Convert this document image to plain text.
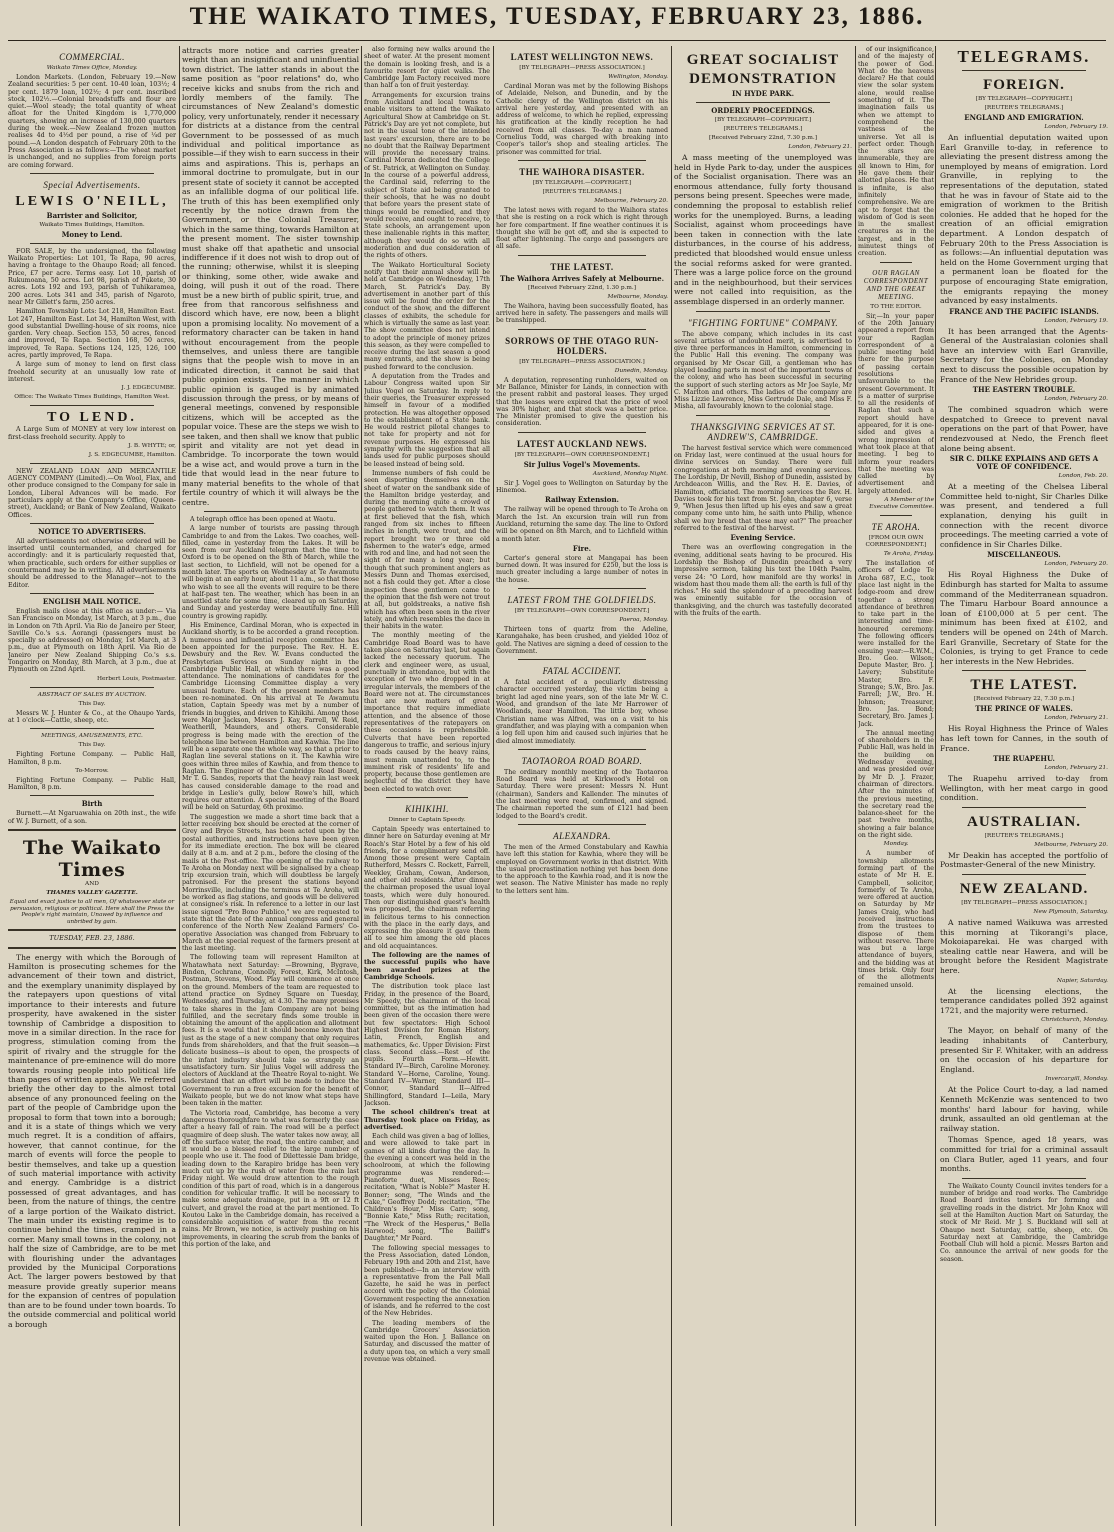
THE WAIKATO TIMES, TUESDAY, FEBRUARY 23, 1886.
COMMERCIAL.
Waikato Times Office, Monday.

London Markets. (London, February 19.—New Zealand securities: 5 per cent. 10-40 loan, 103½; 4 per cent. 1879 loan, 102½; 4 per cent. inscribed stock, 102½.—Colonial breadstuffs and flour are quiet.—Wool steady; the total quantity of wheat afloat for the United Kingdom is 1,770,000 quarters, showing an increase of 130,000 quarters during the week.—New Zealand frozen mutton realises 4d to 4½d per pound, a rise of ¼d per pound.—A London despatch of February 20th to the Press Association is as follows:—The wheat market is unchanged, and no supplies from foreign ports are coming forward.

Special Advertisements.
LEWIS O'NEILL,
Barrister and Solicitor,
Waikato Times Buildings, Hamilton.
Money to Lend.

FOR SALE, by the undersigned, the following Waikato Properties: Lot 101, Te Rapa, 90 acres, having a frontage to the Ohaupo Road; all fenced. Price, £7 per acre. Terms easy. Lot 10, parish of Rukumoana, 50 acres. Lot 98, parish of Pukete, 30 acres. Lots 192 and 193, parish of Tuhikaramea, 200 acres. Lots 341 and 345, parish of Ngaroto, near Mr Gillett's farm, 250 acres.

Hamilton Township Lots: Lot 218, Hamilton East. Lot 247, Hamilton East. Lot 34, Hamilton West, with good substantial Dwelling-house of six rooms, nice garden. Very cheap. Section 153, 50 acres, fenced and improved, Te Rapa. Section 168, 50 acres, improved, Te Rapa. Sections 124, 125, 126, 100 acres, partly improved, Te Rapa.

A large sum of money to lend on first class freehold security at an unusually low rate of interest.

J. J. EDGECUMBE.
Office: The Waikato Times Buildings, Hamilton West.
TO LEND.

A Large Sum of MONEY at very low interest on first-class freehold security. Apply to

J. B. WHYTE; or,
J. S. EDGECUMBE, Hamilton.

NEW ZEALAND LOAN AND MERCANTILE AGENCY COMPANY (Limited).—On Wool, Flax, and other produce consigned to the Company for sale in London, Liberal Advances will be made. For particulars apply at the Company's Office, (Queen-street), Auckland; or Bank of New Zealand, Waikato Offices.

NOTICE TO ADVERTISERS.

All advertisements not otherwise ordered will be inserted until countermanded, and charged for accordingly: and it is particularly requested that, when practicable, such orders for either supplies or countermand may be in writing. All advertisements should be addressed to the Manager—not to the Editor.

ENGLISH MAIL NOTICE.

English mails close at this office as under:— Via San Francisco on Monday, 1st March, at 3 p.m., due in London on 7th April. Via Rio de Janeiro per Steer, Saville Co.'s s.s. Aorangi (passengers must be specially so addressed) on Monday, 1st March, at 3 p.m., due at Plymouth on 18th April. Via Rio de Janeiro per New Zealand Shipping Co.'s s.s. Tongariro on Monday, 8th March, at 3 p.m., due at Plymouth on 22nd April.

Herbert Louis, Postmaster.
ABSTRACT OF SALES BY AUCTION.
This Day.

Messrs W. J. Hunter & Co., at the Ohaupo Yards, at 1 o'clock—Cattle, sheep, etc.

MEETINGS, AMUSEMENTS, ETC.
This Day.

Fighting Fortune Company. — Public Hall, Hamilton, 8 p.m.

To-Morrow.

Fighting Fortune Company. — Public Hall, Hamilton, 8 p.m.

Birth

Burnett.—At Ngaruawahia on 20th inst., the wife of W. J. Burnett, of a son.

The Waikato Times
AND
THAMES VALLEY GAZETTE.
Equal and exact justice to all men, Of whatsoever state or persuasion, religious or political. Here shall the Press the People's right maintain, Unawed by influence and unbribed by gain.
TUESDAY, FEB. 23, 1886.

The energy with which the Borough of Hamilton is prosecuting schemes for the advancement of their town and district, and the exemplary unanimity displayed by the ratepayers upon questions of vital importance to their interests and future prosperity, have awakened in the sister township of Cambridge a disposition to move in a similar direction. In the race for progress, stimulation coming from the spirit of rivalry and the struggle for the maintenance of pre-eminence will do more towards rousing people into political life than pages of written appeals. We referred briefly the other day to the almost total absence of any pronounced feeling on the part of the people of Cambridge upon the proposal to form that town into a borough; and it is a state of things which we very much regret. It is a condition of affairs, however, that cannot continue, for the march of events will force the people to bestir themselves, and take up a question of such material importance with activity and energy. Cambridge is a district possessed of great advantages, and has been, from the nature of things, the centre of a large portion of the Waikato district. The main under its existing regime is to continue behind the times, cramped in a corner. Many small towns in the colony, not half the size of Cambridge, are to be met with flourishing under the advantages provided by the Municipal Corporations Act. The larger powers bestowed by that measure provide greatly superior means for the expansion of centres of population than are to be found under town boards. To the outside commercial and political world a borough

attracts more notice and carries greater weight than an insignificant and uninfluential town district. The latter stands in about the same position as "poor relations" do, who receive kicks and snubs from the rich and lordly members of the family. The circumstances of New Zealand's domestic policy, very unfortunately, render it necessary for districts at a distance from the central Government to be possessed of as much individual and political importance as possible—if they wish to earn success in their aims and aspirations. This is, perhaps an immoral doctrine to promulgate, but in our present state of society it cannot be accepted as an infallible dogma of our political life. The truth of this has been exemplified only recently by the notice drawn from the Government, or the Colonial Treasurer, which in the same thing, towards Hamilton at the present moment. The sister township must shake off that apathetic and unsocial indifference if it does not wish to drop out of the running; otherwise, whilst it is sleeping or thinking, some other, wide awake and doing, will push it out of the road. There must be a new birth of public spirit, true, and free from that rancorous selfishness and discord which have, ere now, been a blight upon a promising locality. No movement of a reformatory character can be taken in hand without encouragement from the people themselves, and unless there are tangible signs that the people wish to move in an indicated direction, it cannot be said that public opinion exists. The manner in which public opinion is gauged is by animated discussion through the press, or by means of general meetings, convened by responsible citizens, which will be accepted as the popular voice. These are the steps we wish to see taken, and then shall we know that public spirit and vitality are not yet dead in Cambridge. To incorporate the town would be a wise act, and would prove a turn in the tide that would lead in the near future to many material benefits to the whole of that fertile country of which it will always be the centre.

A telegraph office has been opened at Waotu.

A large number of tourists are passing through Cambridge to and from the Lakes. Two coaches, well-filled, came in yesterday from the Lakes. It will be seen from our Auckland telegram that the time to Oxford is to be opened on the 8th of March, while the last section, to Lichfield, will not be opened for a month later. The sports on Wednesday at Te Awamutu will begin at an early hour, about 11 a.m., so that those who wish to see all the events will require to be there at half-past ten. The weather, which has been in an unsettled state for some time, cleared up on Saturday, and Sunday and yesterday were beautifully fine. Hill country is growing rapidly.

His Eminence, Cardinal Moran, who is expected in Auckland shortly, is to be accorded a grand reception. A numerous and influential reception committee has been appointed for the purpose. The Rev. H. E. Dewsbury and the Rev. W. Evans conducted the Presbyterian Services on Sunday night in the Cambridge Public Hall, at which there was a good attendance. The nominations of candidates for the Cambridge Licensing Committee display a very unusual feature. Each of the present members has been re-nominated. On his arrival at Te Awamutu station, Captain Speedy was met by a number of friends in buggies, and driven to Kihikihi. Among those were Major Jackson, Messrs J. Kay, Farrell, W. Reid, Weatherill, Maunders, and others. Considerable progress is being made with the erection of the telephone line between Hamilton and Kawhia. The line will be a separate one the whole way, so that a prior to Raglan line several stations on it. The Kawhia wire goes within three miles of Kawhia, and from thence to Raglan. The Engineer of the Cambridge Road Board, Mr T. G. Sandes, reports that the heavy rain last week has caused considerable damage to the road and bridge in Leslie's gully, below Rowe's hill, which requires our attention. A special meeting of the Board will be held on Saturday, 6th proximo.

The suggestion we made a short time back that a letter receiving box should be erected at the corner of Grey and Bryce Streets, has been acted upon by the postal authorities, and instructions have been given for its immediate erection. The box will be cleared daily at 8 a.m. and at 2 p.m., before the closing of the mails at the Post-office. The opening of the railway to Te Aroha on Monday next will be signalised by a cheap trip excursion train, which will doubtless be largely patronised. For the present the stations beyond Morrinsville, including the terminus at Te Aroha, will be worked as flag stations, and goods will be delivered at consignee's risk. In reference to a letter in our last issue signed "Pro Bono Publico," we are requested to state that the date of the annual congress and general conference of the North New Zealand Farmers' Co-operative Association was changed from February to March at the special request of the farmers present at the last meeting.

The following team will represent Hamilton at Whatawhata next Saturday: —Browning, Bygrave, Binden, Cochrane, Connolly, Forest, Kirk, McIntosh, Postman, Stevens, Wood. Play will commence at once on the ground. Members of the team are requested to attend practice on Sydney Square on Tuesday, Wednesday, and Thursday, at 4.30. The many promises to take shares in the Jam Company are not being fulfilled, and the secretary finds some trouble in obtaining the amount of the application and allotment fees. It is a woeful that it should become known that just as the stage of a new company that only requires funds from shareholders, and that the fruit season—a delicate business—is about to open, the prospects of the infant industry should take so strangely an unsatisfactory turn. Sir Julius Vogel will address the electors of Auckland at the Theatre Royal to-night. We understand that an effort will be made to induce the Government to run a free excursion for the benefit of Waikato people, but we do not know what steps have been taken in the matter.

The Victoria road, Cambridge, has become a very dangerous thoroughfare to what was formerly the case after a heavy fall of rain. The road will be a perfect quagmire of deep slush. The water takes now away, all off the surface water, the road, the entire camber, and it would be a blessed relief to the large number of people who use it. The food of Dilettessie Dam bridge, leading down to the Karapiro bridge has been very much cut up by the rush of water from the rain last Friday night. We would draw attention to the rough condition of this part of road, which is in a dangerous condition for vehicular traffic. It will be necessary to make some adequate drainage, put in a 9ft or 12 ft culvert, and gravel the road at the part mentioned. To Koutou Lake in the Cambridge domain, has received a considerable acquisition of water from the recent rains. Mr Brown, we notice, is actively pushing on his improvements, in clearing the scrub from the banks of this portion of the lake, and

also forming new walks around the sheet of water. At the present moment the domain is looking fresh, and is a favourite resort for quiet walks. The Cambridge Jam Factory received more than half a ton of fruit yesterday.

Arrangements for excursion trains from Auckland and local towns to enable visitors to attend the Waikato Agricultural Show at Cambridge on St. Patrick's Day are yet not complete, but not in the usual tone of the intended last years' excursion, there are to be no doubt that the Railway Department will provide the necessary trains. Cardinal Moran dedicated the College of St. Patrick, at Wellington on Sunday. In the course of a powerful address, the Cardinal said, referring to the subject of State aid being granted to their schools, that he was no doubt that before years the present state of things would be remedied, and they would receive, and ought to receive, to State schools, an arrangement upon these inalienable rights in this matter, although they would do so with all moderation and due consideration of the rights of others.

The Waikato Horticultural Society notify that their annual show will be held at Cambridge on Wednesday, 17th March, St. Patrick's Day. By advertisement in another part of this issue will be found the order for the conduct of the show, and the different classes of exhibits, the schedule for which is virtually the same as last year. The show committee does not intend to adopt the principle of money prizes this season, as they were compelled to receive during the last season a good many entrants, and the show is being pushed forward to the conclusion.

A deputation from the Trades and Labour Congress waited upon Sir Julius Vogel on Saturday. In reply to their queries, the Treasurer expressed himself in favour of a modified protection. He was altogether opposed to the establishment of a State bank. He would restrict pilotal changes to not take for property and not for revenue purposes. He expressed his sympathy with the suggestion that all lands used for public purposes should be leased instead of being sold.

Immense numbers of fish could be seen disporting themselves on the sheet of water on the sandbank side of the Hamilton bridge yesterday, and during the morning quite a crowd of people gathered to watch them. It was at first believed that the fish, which ranged from six inches to fifteen inches in length, were trout, and the report brought two or three old fishermen to the water's edge, armed with rod and line, and had not seen the sight of for many a long year; but though that such prominent anglers as Messrs Dunn and Thomas exercised, not a fish could they get. After a close inspection these gentlemen came to the opinion that the fish were not trout at all, but goldstreaks, a native fish which has often been seen in the river lately, and which resembles the dace in their habits in the water.

The monthly meeting of the Cambridge Road Board was to have taken place on Saturday last, but again lacked the necessary quorum. The clerk and engineer were, as usual, punctually in attendance, but with the exception of two who dropped in at irregular intervals, the members of the Board were not at. The circumstances that are now matters of great importance that require immediate attention, and the absence of those representatives of the ratepayers on these occasions is reprehensible. Culverts that have been reported dangerous to traffic, and serious injury to roads caused by the heavy rains, must remain unattended to, to the imminent risk of residents' life and property, because those gentlemen are neglectful of the district they have been elected to watch over.

KIHIKIHI.
Dinner to Captain Speedy.

Captain Speedy was entertained to dinner here on Saturday evening at Mr Roach's Star Hotel by a few of his old friends, for a complimentary send off. Among those present were Captain Rutherford, Messrs C. Rockett, Farrell, Weekley, Graham, Cowan, Anderson, and other old residents. After dinner the chairman proposed the usual loyal toasts, which were duly honoured. Then our distinguished guest's health was proposed, the chairman referring in felicitous terms to his connection with the place in the early days, and expressing the pleasure it gave them all to see him among the old places and old acquaintances.

The following are the names of the successful pupils who have been awarded prizes at the Cambridge Schools.

The distribution took place last Friday, in the presence of the Board, Mr Speedy, the chairman of the local committee, but as the intimation had been given of the occasion there were but few spectators: High School Highest Division for Roman History, Latin, French, English and mathematics, &c. Upper Division: First class. Second class.—Rest of the pupils. Fourth Form.—Hewitt. Standard IV—Birch, Caroline Moroney. Standard V—Horne, Caroline, Young. Standard IV—Warner, Standard III—Connor, Standard II—Alfred Shillingford, Standard I—Leila, Mary Jackson.

The school children's treat at Thursday took place on Friday, as advertised.

Each child was given a bag of lollies, and were allowed to take part in games of all kinds during the day. In the evening a concert was held in the schoolroom, at which the following programme was rendered:— Pianoforte duet, Misses Rees; recitation, "What is Noble?" Master H. Bonner; song, "The Winds and the Cake," Geoffrey Dodd; recitation, "The Children's Hour," Miss Carr; song, "Bonnie Kate," Miss Ruth; recitation, "The Wreck of the Hesperus," Bella Harwood; song, "The Bailiff's Daughter," Mr Peard.

The following special messages to the Press Association, dated London, February 19th and 20th and 21st, have been published:—In an interview with a representative from the Pall Mall Gazette, he said he was in perfect accord with the policy of the Colonial Government respecting the annexation of islands, and he referred to the cost of the New Hebrides.

The leading members of the Cambridge Grocers' Association waited upon the Hon. J. Ballance on Saturday, and discussed the matter of a duty upon tea, on which a very small revenue was obtained.

LATEST WELLINGTON NEWS.
[BY TELEGRAPH—PRESS ASSOCIATION.]
Wellington, Monday.

Cardinal Moran was met by the following Bishops of Adelaide, Nelson, and Dunedin, and by the Catholic clergy of the Wellington district on his arrival here yesterday, and presented with an address of welcome, to which he replied, expressing his gratification at the kindly reception he had received from all classes. To-day a man named Cornelius Todd, was charged with breaking into Cooper's tailor's shop and stealing articles. The prisoner was committed for trial.

THE WAIHORA DISASTER.
[BY TELEGRAPH.—COPYRIGHT.]
[REUTER'S TELEGRAMS.]
Melbourne, February 20.

The latest news with regard to the Waihora states that she is resting on a rock which is right through her fore compartment. If fine weather continues it is thought she will be got off, and she is expected to float after lightening. The cargo and passengers are all safe.

THE LATEST.
The Waihora Arrives Safely at Melbourne.
[Received February 22nd, 1.30 p.m.]
Melbourne, Monday.

The Waihora, having been successfully floated, has arrived here in safety. The passengers and mails will be transhipped.

SORROWS OF THE OTAGO RUN-HOLDERS.
[BY TELEGRAPH—PRESS ASSOCIATION.]
Dunedin, Monday.

A deputation, representing runholders, waited on Mr Ballance, Minister for Lands, in connection with the present rabbit and pastoral leases. They urged that the leases were expired that the price of wool was 30% higher, and that stock was a better price. The Minister promised to give the question his consideration.

LATEST AUCKLAND NEWS.
[BY TELEGRAPH—OWN CORRESPONDENT.]
Sir Julius Vogel's Movements.
Auckland, Monday Night.

Sir J. Vogel goes to Wellington on Saturday by the Hinemoa.

Railway Extension.

The railway will be opened through to Te Aroha on March the 1st. An excursion train will run from Auckland, returning the same day. The line to Oxford will be opened on 8th March, and to Lichfield within a month later.

Fire.

Carter's general store at Mangapai has been burned down. It was insured for £250, but the loss is much greater including a large number of notes in the house.

LATEST FROM THE GOLDFIELDS.
[BY TELEGRAPH—OWN CORRESPONDENT.]
Paeroa, Monday.

Thirteen tons of quartz from the Adeline, Karangahake, has been crushed, and yielded 10oz of gold. The Natives are signing a deed of cession to the Government.

FATAL ACCIDENT.

A fatal accident of a peculiarly distressing character occurred yesterday, the victim being a bright lad aged nine years, son of the late Mr W. C. Wood, and grandson of the late Mr Harrower of Woodlands, near Hamilton. The little boy, whose Christian name was Alfred, was on a visit to his grandfather, and was playing with a companion when a log fell upon him and caused such injuries that he died almost immediately.

TAOTAOROA ROAD BOARD.

The ordinary monthly meeting of the Taotaoroa Road Board was held at Kirkwood's Hotel on Saturday. There were present: Messrs N. Hunt (chairman), Sanders and Kallender. The minutes of the last meeting were read, confirmed, and signed. The chairman reported the sum of £121 had been lodged to the Board's credit.

ALEXANDRA.

The men of the Armed Constabulary and Kawhia have left this station for Kawhia, where they will be employed on Government works in that district. With the usual procrastination nothing yet has been done to the approach to the Kawhia road, and it is now the wet season. The Native Minister has made no reply to the letters sent him.

GREAT SOCIALIST
DEMONSTRATION
IN HYDE PARK.
ORDERLY PROCEEDINGS.
[BY TELEGRAPH—COPYRIGHT.]
[REUTER'S TELEGRAMS.]
[Received February 22nd, 7.30 p.m.]
London, February 21.

A mass meeting of the unemployed was held in Hyde Park to-day, under the auspices of the Socialist organisation. There was an enormous attendance, fully forty thousand persons being present. Speeches were made, condemning the proposal to establish relief works for the unemployed. Burns, a leading Socialist, against whom proceedings have been taken in connection with the late disturbances, in the course of his address, predicted that bloodshed would ensue unless the social reforms asked for were granted. There was a large police force on the ground and in the neighbourhood, but their services were not called into requisition, as the assemblage dispersed in an orderly manner.

"FIGHTING FORTUNE" COMPANY.

The above company, which includes in its cast several artistes of undoubted merit, is advertised to give three performances in Hamilton, commencing in the Public Hall this evening. The company was organised by Mr Oscar Gill, a gentleman who has played leading parts in most of the important towns of the colony, and who has been successful in securing the support of such sterling actors as Mr Joe Sayle, Mr C. Marlton and others. The ladies of the company are Miss Lizzie Lawrence, Miss Gertrude Dale, and Miss F. Misha, all favourably known to the colonial stage.

THANKSGIVING SERVICES AT ST. ANDREW'S, CAMBRIDGE.

The harvest festival service which were commenced on Friday last, were continued at the usual hours for divine services on Sunday. There were full congregations at both morning and evening services. The Lordship, Dr Nevill, Bishop of Dunedin, assisted by Archdeacon Willis, and the Rev. H. E. Davies, of Hamilton, officiated. The morning services the Rev. H. Davies took for his text from St. John, chapter 6, verse 9, "When Jesus then lifted up his eyes and saw a great company come unto him, he saith unto Philip, whence shall we buy bread that these may eat?" The preacher referred to the festival of the harvest.

Evening Service.

There was an overflowing congregation in the evening, additional seats having to be procured. His Lordship the Bishop of Dunedin preached a very impressive sermon, taking his text the 104th Psalm, verse 24: "O Lord, how manifold are thy works! in wisdom hast thou made them all: the earth is full of thy riches." He said the splendour of a preceding harvest was eminently suitable for the occasion of thanksgiving, and the church was tastefully decorated with the fruits of the earth.

of our insignificance, and of the majesty of the power of God. What do the heavens declare? He that could view the solar system alone, would realise something of it. The imagination fails us when we attempt to comprehend the vastness of the universe. Yet all is perfect order. Though the stars are innumerable, they are all known to Him, for He gave them their allotted places. He that is infinite, is also infinitely comprehensive. We are apt to forget that the wisdom of God is seen in the smallest creatures as in the largest, and in the minutest things of creation.

OUR RAGLAN CORRESPONDENT AND THE GREAT MEETING.
TO THE EDITOR.

Sir,—In your paper of the 20th January appeared a report from your Raglan correspondent of a public meeting held there for the purpose of passing certain resolutions unfavourable to the present Government. It is a matter of surprise to all the residents of Raglan that such a report should have appeared, for it is one-sided and gives a wrong impression of what took place at that meeting. I beg to inform your readers that the meeting was called by advertisement and largely attended.

A Member of the Executive Committee.
TE AROHA.
[FROM OUR OWN CORRESPONDENT.]
Te Aroha, Friday.

The installation of officers of Lodge Te Aroha 687, E.C., took place last night in the lodge-room and drew together a strong attendance of brethren to take part in the interesting and time-honoured ceremony. The following officers were installed for the ensuing year:—R.W.M., Bro. Geo. Wilson; Depute Master, Bro. J. Lavery; Substitute Master, Bro. F. Strange; S.W., Bro. Jas. Farrell; J.W., Bro. H. Johnson; Treasurer, Bro. Jas. Bond; Secretary, Bro. James J. Jack.

The annual meeting of shareholders in the Public Hall, was held in the building on Wednesday evening, and was presided over by Mr D. J. Frazer, chairman of directors. After the minutes of the previous meeting, the secretary read the balance-sheet for the past twelve months, showing a fair balance on the right side.

Monday.

A number of township allotments forming part of the estate of Mr H. E. Campbell, solicitor, formerly of Te Aroha, were offered at auction on Saturday by Mr James Craig, who had received instructions from the trustees to dispose of them without reserve. There was but a large attendance of buyers, and the bidding was at times brisk. Only four of the allotments remained unsold.

TELEGRAMS.
FOREIGN.
[BY TELEGRAPH—COPYRIGHT.]
[REUTER'S TELEGRAMS.]
ENGLAND AND EMIGRATION.
London, February 19.

An influential deputation waited upon Earl Granville to-day, in reference to alleviating the present distress among the unemployed by means of emigration. Lord Granville, in replying to the representations of the deputation, stated that he was in favour of State aid to the emigration of workmen to the British colonies. He added that he hoped for the creation of an official emigration department. A London despatch of February 20th to the Press Association is as follows:—An influential deputation was held on the Home Government urging that a permanent loan be floated for the purpose of encouraging State emigration, the emigrants repaying the money advanced by easy instalments.

FRANCE AND THE PACIFIC ISLANDS.
London, February 19.

It has been arranged that the Agents-General of the Australasian colonies shall have an interview with Earl Granville, Secretary for the Colonies, on Monday next to discuss the possible occupation by France of the New Hebrides group.

THE EASTERN TROUBLE.
London, February 20.

The combined squadron which were despatched to Greece to prevent naval operations on the part of that Power, have rendezvoused at Nedo, the French fleet alone being absent.

SIR C. DILKE EXPLAINS AND GETS A VOTE OF CONFIDENCE.
London, Feb. 20.

At a meeting of the Chelsea Liberal Committee held to-night, Sir Charles Dilke was present, and tendered a full explanation, denying his guilt in connection with the recent divorce proceedings. The meeting carried a vote of confidence in Sir Charles Dilke.

MISCELLANEOUS.
London, February 20.

His Royal Highness the Duke of Edinburgh has started for Malta to assume command of the Mediterranean squadron. The Timaru Harbour Board announce a loan of £100,000 at 5 per cent. The minimum has been fixed at £102, and tenders will be opened on 24th of March. Earl Granville, Secretary of State for the Colonies, is trying to get France to cede her interests in the New Hebrides.

THE LATEST.
[Received February 22, 7.30 p.m.]
THE PRINCE OF WALES.
London, February 21.

His Royal Highness the Prince of Wales has left town for Cannes, in the south of France.

THE RUAPEHU.
London, February 21.

The Ruapehu arrived to-day from Wellington, with her meat cargo in good condition.

AUSTRALIAN.
[REUTER'S TELEGRAMS.]
Melbourne, February 20.

Mr Deakin has accepted the portfolio of Postmaster-General of the new Ministry.

NEW ZEALAND.
[BY TELEGRAPH—PRESS ASSOCIATION.]
New Plymouth, Saturday.

A native named Waikuwa was arrested this morning at Tikorangi's place, Mokoiaparekai. He was charged with stealing cattle near Hawera, and will be brought before the Resident Magistrate here.

Napier, Saturday.

At the licensing elections, the temperance candidates polled 392 against 1721, and the majority were returned.

Christchurch, Monday.

The Mayor, on behalf of many of the leading inhabitants of Canterbury, presented Sir F. Whitaker, with an address on the occasion of his departure for England.

Invercargill, Monday.

At the Police Court to-day, a lad named Kenneth McKenzie was sentenced to two months' hard labour for having, while drunk, assaulted an old gentleman at the railway station.

Thomas Spence, aged 18 years, was committed for trial for a criminal assault on Clara Butler, aged 11 years, and four months.

The Waikato County Council invites tenders for a number of bridge and road works. The Cambridge Road Board invites tenders for forming and gravelling roads in the district. Mr John Knox will sell at the Hamilton Auction Mart on Saturday, the stock of Mr Reid. Mr J. S. Buckland will sell at Ohaupo next Saturday, cattle, sheep, etc. On Saturday next at Cambridge, the Cambridge Football Club will hold a picnic. Messrs Barton and Co. announce the arrival of new goods for the season.
